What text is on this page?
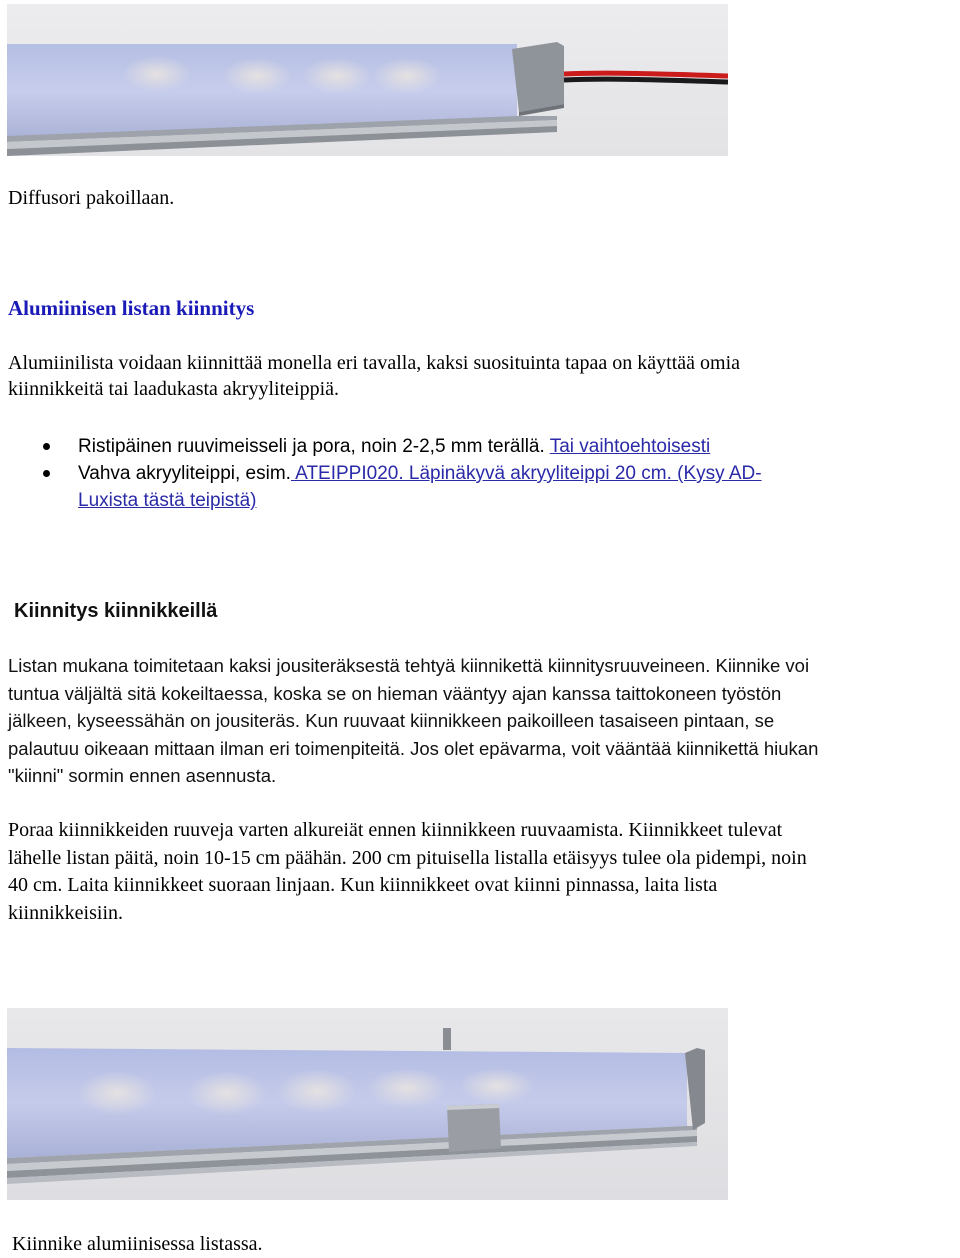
Diffusori pakoillaan.

Alumiinisen listan kiinnitys

Alumiinilista voidaan kiinnittää monella eri tavalla, kaksi suosituinta tapaa on käyttää omia

kiinnikkeitä tai laadukasta akryyliteippiä.

Ristipäinen ruuvimeisseli ja pora, noin 2-2,5 mm terällä. Tai vaihtoehtoisesti
Vahva akryyliteippi, esim. ATEIPPI020. Läpinäkyvä akryyliteippi 20 cm. (Kysy AD-
Luxista tästä teipistä)
Kiinnitys kiinnikkeillä
Listan mukana toimitetaan kaksi jousiteräksestä tehtyä kiinnikettä kiinnitysruuveineen. Kiinnike voi
tuntua väljältä sitä kokeiltaessa, koska se on hieman vääntyy ajan kanssa taittokoneen työstön
jälkeen, kyseessähän on jousiteräs. Kun ruuvaat kiinnikkeen paikoilleen tasaiseen pintaan, se
palautuu oikeaan mittaan ilman eri toimenpiteitä. Jos olet epävarma, voit vääntää kiinnikettä hiukan
"kiinni" sormin ennen asennusta.
Poraa kiinnikkeiden ruuveja varten alkureiät ennen kiinnikkeen ruuvaamista. Kiinnikkeet tulevat
lähelle listan päitä, noin 10-15 cm päähän. 200 cm pituisella listalla etäisyys tulee ola pidempi, noin
40 cm. Laita kiinnikkeet suoraan linjaan. Kun kiinnikkeet ovat kiinni pinnassa, laita lista
kiinnikkeisiin.

Kiinnike alumiinisessa listassa.
